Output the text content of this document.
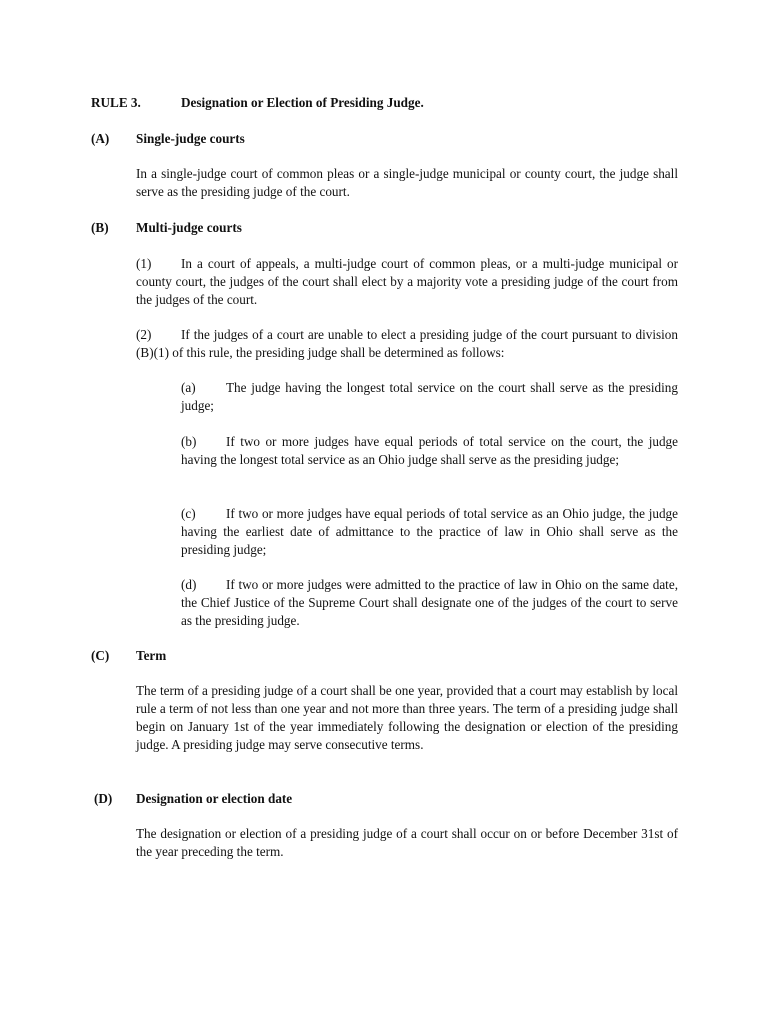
RULE 3.	Designation or Election of Presiding Judge.
(A) Single-judge courts

In a single-judge court of common pleas or a single-judge municipal or county court, the judge shall serve as the presiding judge of the court.

(B) Multi-judge courts

(1) In a court of appeals, a multi-judge court of common pleas, or a multi-judge municipal or county court, the judges of the court shall elect by a majority vote a presiding judge of the court from the judges of the court.

(2) If the judges of a court are unable to elect a presiding judge of the court pursuant to division (B)(1) of this rule, the presiding judge shall be determined as follows:

(a) The judge having the longest total service on the court shall serve as the presiding judge;

(b) If two or more judges have equal periods of total service on the court, the judge having the longest total service as an Ohio judge shall serve as the presiding judge;

(c) If two or more judges have equal periods of total service as an Ohio judge, the judge having the earliest date of admittance to the practice of law in Ohio shall serve as the presiding judge;

(d) If two or more judges were admitted to the practice of law in Ohio on the same date, the Chief Justice of the Supreme Court shall designate one of the judges of the court to serve as the presiding judge.

(C) Term

The term of a presiding judge of a court shall be one year, provided that a court may establish by local rule a term of not less than one year and not more than three years. The term of a presiding judge shall begin on January 1st of the year immediately following the designation or election of the presiding judge. A presiding judge may serve consecutive terms.

(D) Designation or election date

The designation or election of a presiding judge of a court shall occur on or before December 31st of the year preceding the term.
